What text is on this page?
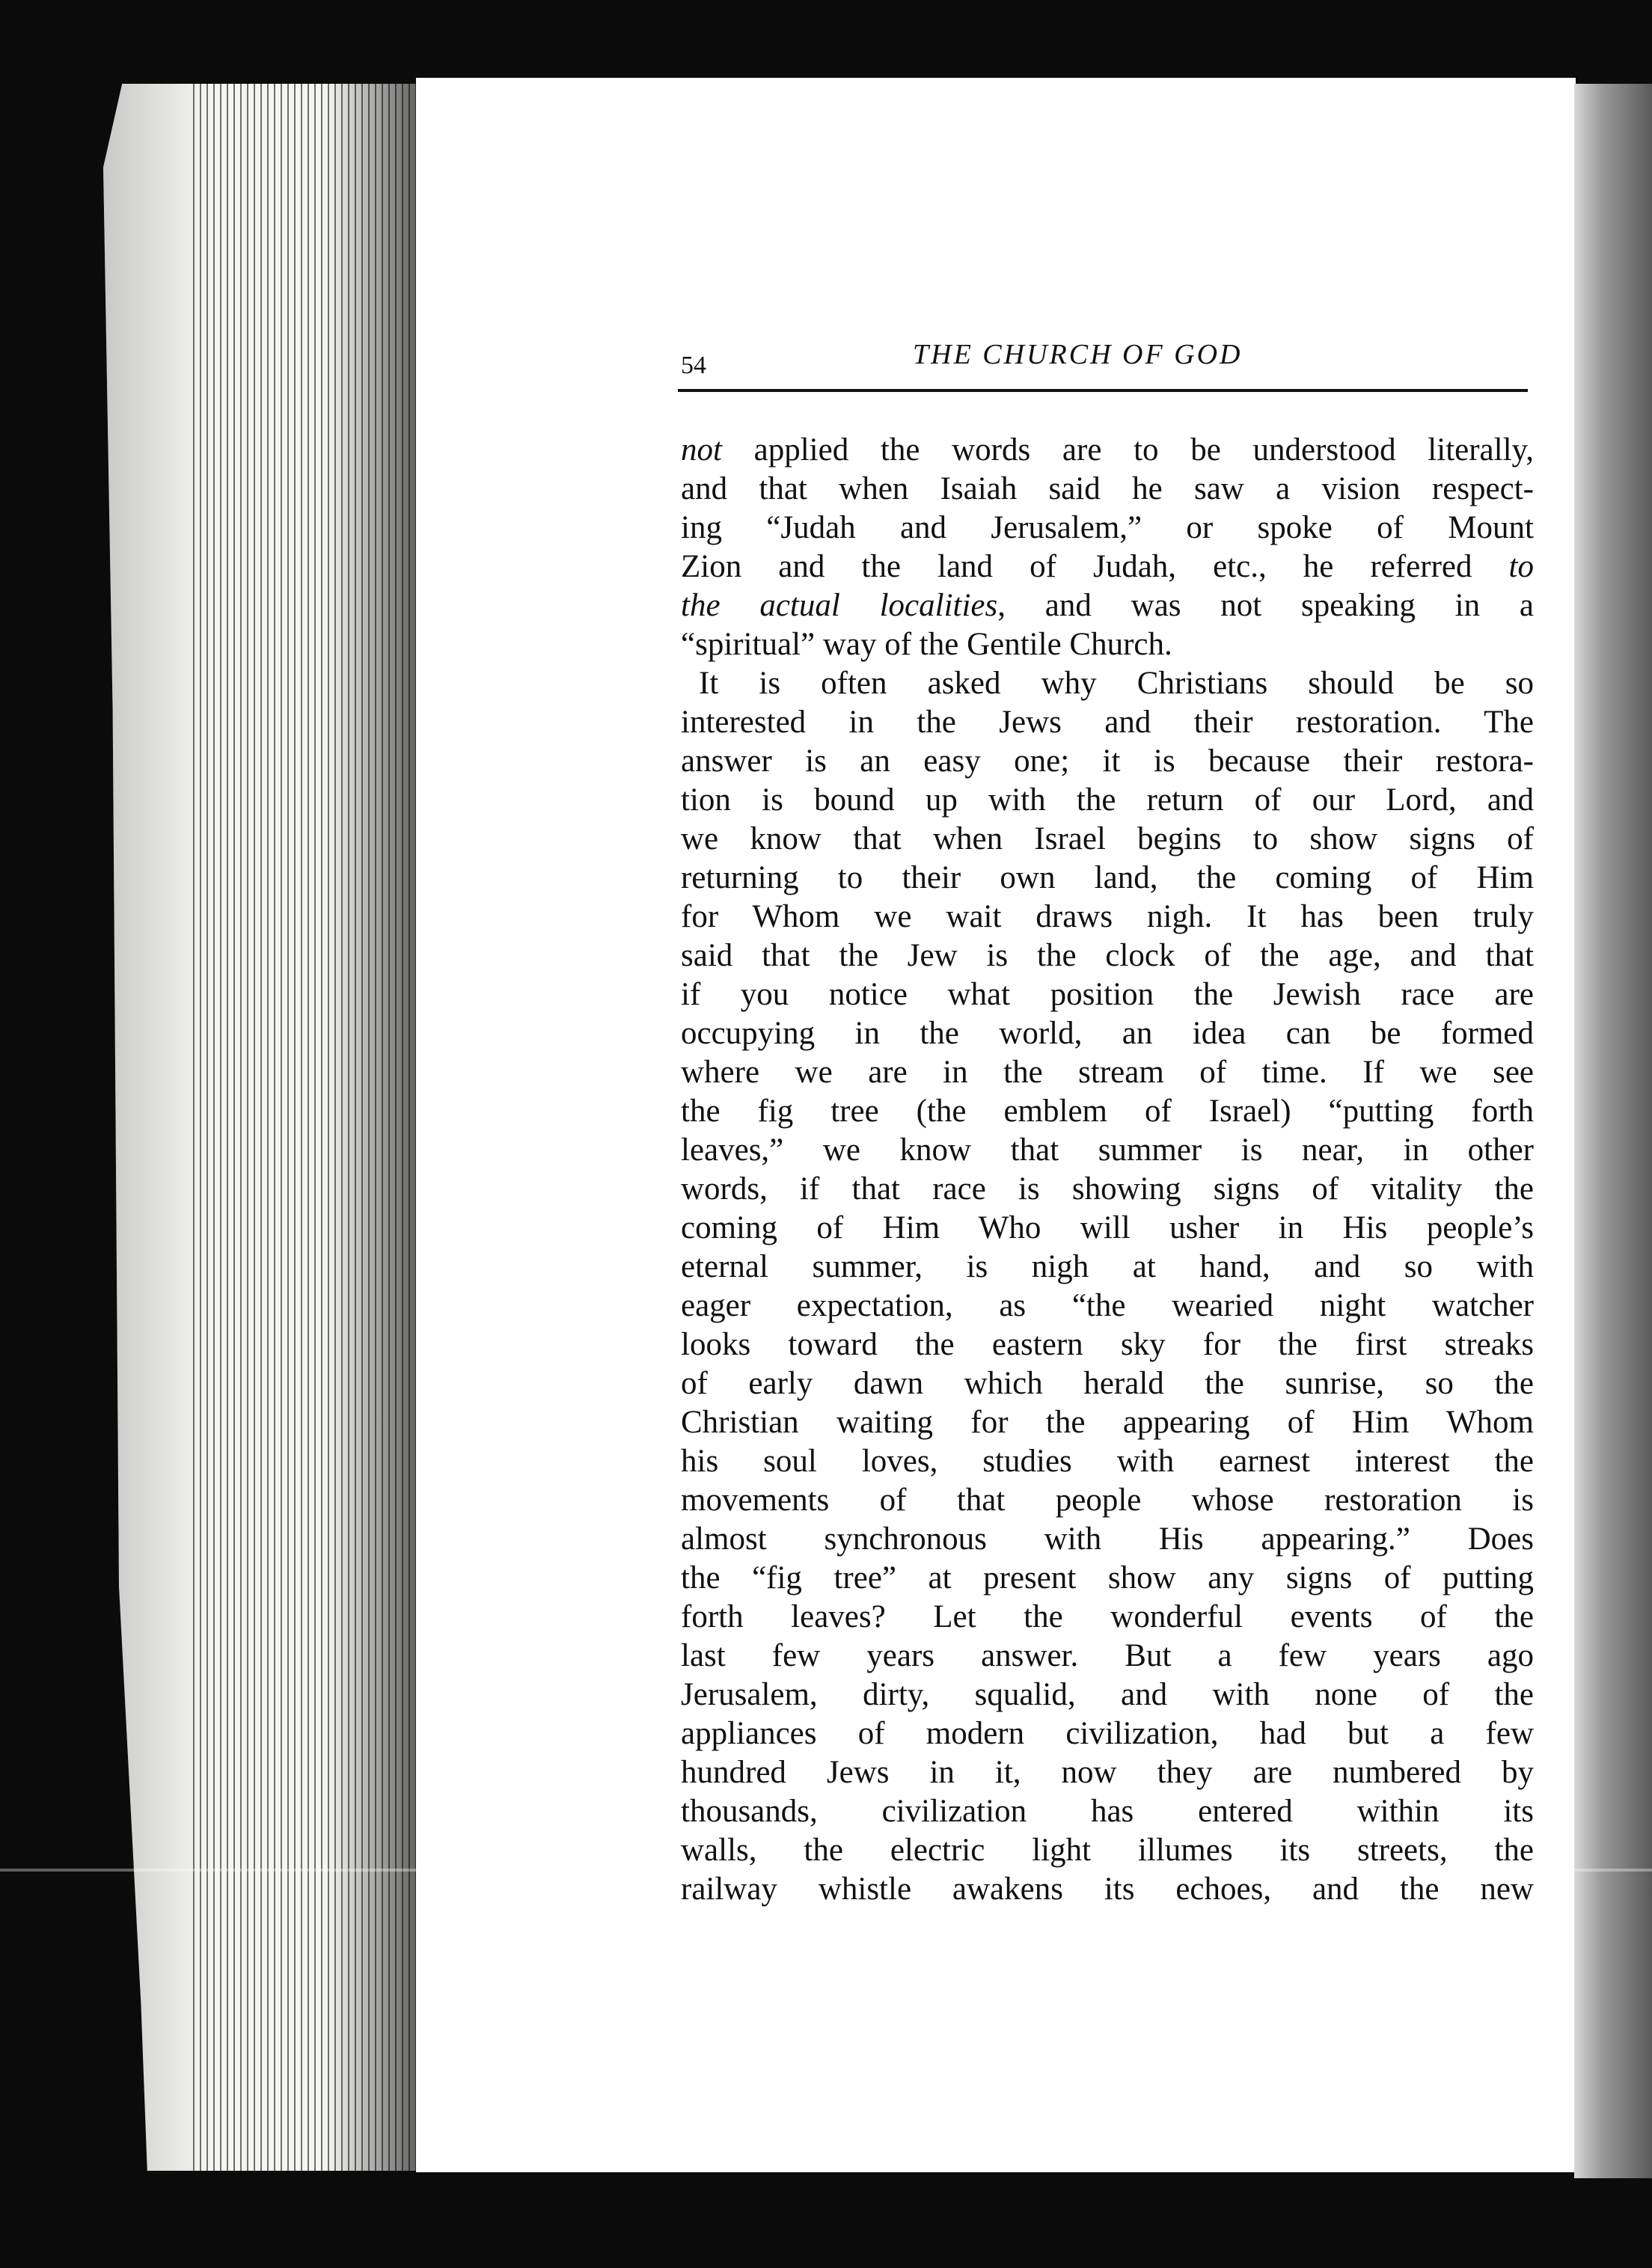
54	THE CHURCH OF GOD
not applied the words are to be understood literally,
and that when Isaiah said he saw a vision respect-
ing “Judah and Jerusalem,” or spoke of Mount
Zion and the land of Judah, etc., he referred to
the actual localities, and was not speaking in a
“spiritual” way of the Gentile Church.
It is often asked why Christians should be so
interested in the Jews and their restoration. The
answer is an easy one; it is because their restora-
tion is bound up with the return of our Lord, and
we know that when Israel begins to show signs of
returning to their own land, the coming of Him
for Whom we wait draws nigh. It has been truly
said that the Jew is the clock of the age, and that
if you notice what position the Jewish race are
occupying in the world, an idea can be formed
where we are in the stream of time. If we see
the fig tree (the emblem of Israel) “putting forth
leaves,” we know that summer is near, in other
words, if that race is showing signs of vitality the
coming of Him Who will usher in His people’s
eternal summer, is nigh at hand, and so with
eager expectation, as “the wearied night watcher
looks toward the eastern sky for the first streaks
of early dawn which herald the sunrise, so the
Christian waiting for the appearing of Him Whom
his soul loves, studies with earnest interest the
movements of that people whose restoration is
almost synchronous with His appearing.” Does
the “fig tree” at present show any signs of putting
forth leaves? Let the wonderful events of the
last few years answer. But a few years ago
Jerusalem, dirty, squalid, and with none of the
appliances of modern civilization, had but a few
hundred Jews in it, now they are numbered by
thousands, civilization has entered within its
walls, the electric light illumes its streets, the
railway whistle awakens its echoes, and the new
